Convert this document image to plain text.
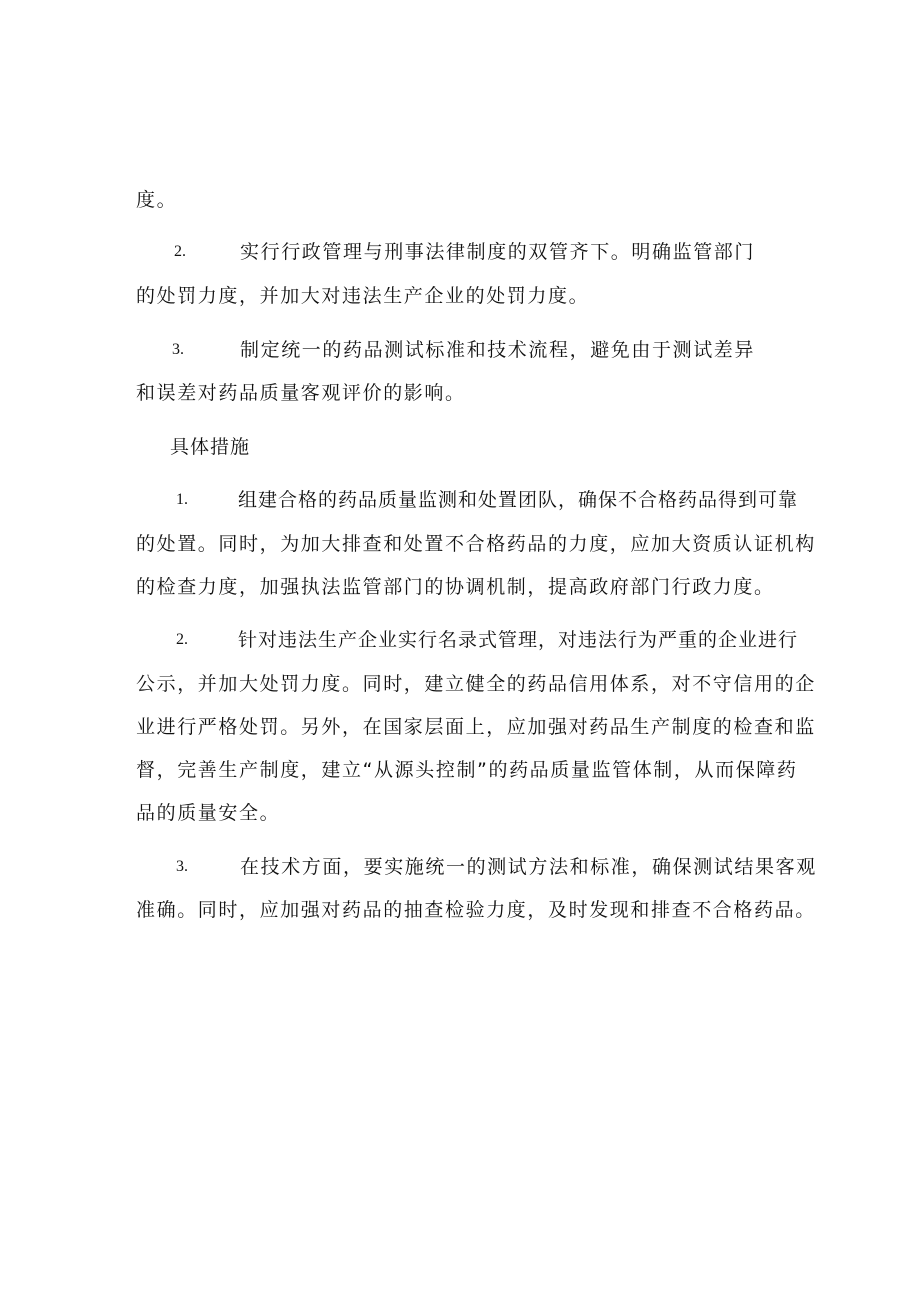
度。
2.	实行行政管理与刑事法律制度的双管齐下。明确监管部门
的处罚力度，并加大对违法生产企业的处罚力度。
3.	制定统一的药品测试标准和技术流程，避免由于测试差异
和误差对药品质量客观评价的影响。
具体措施
1.	组建合格的药品质量监测和处置团队，确保不合格药品得到可靠
的处置。同时，为加大排查和处置不合格药品的力度，应加大资质认证机构
的检查力度，加强执法监管部门的协调机制，提高政府部门行政力度。
2.	针对违法生产企业实行名录式管理，对违法行为严重的企业进行
公示，并加大处罚力度。同时，建立健全的药品信用体系，对不守信用的企
业进行严格处罚。另外，在国家层面上，应加强对药品生产制度的检查和监
督，完善生产制度，建立“从源头控制”的药品质量监管体制，从而保障药
品的质量安全。
3.	在技术方面，要实施统一的测试方法和标准，确保测试结果客观
准确。同时，应加强对药品的抽查检验力度，及时发现和排查不合格药品。
